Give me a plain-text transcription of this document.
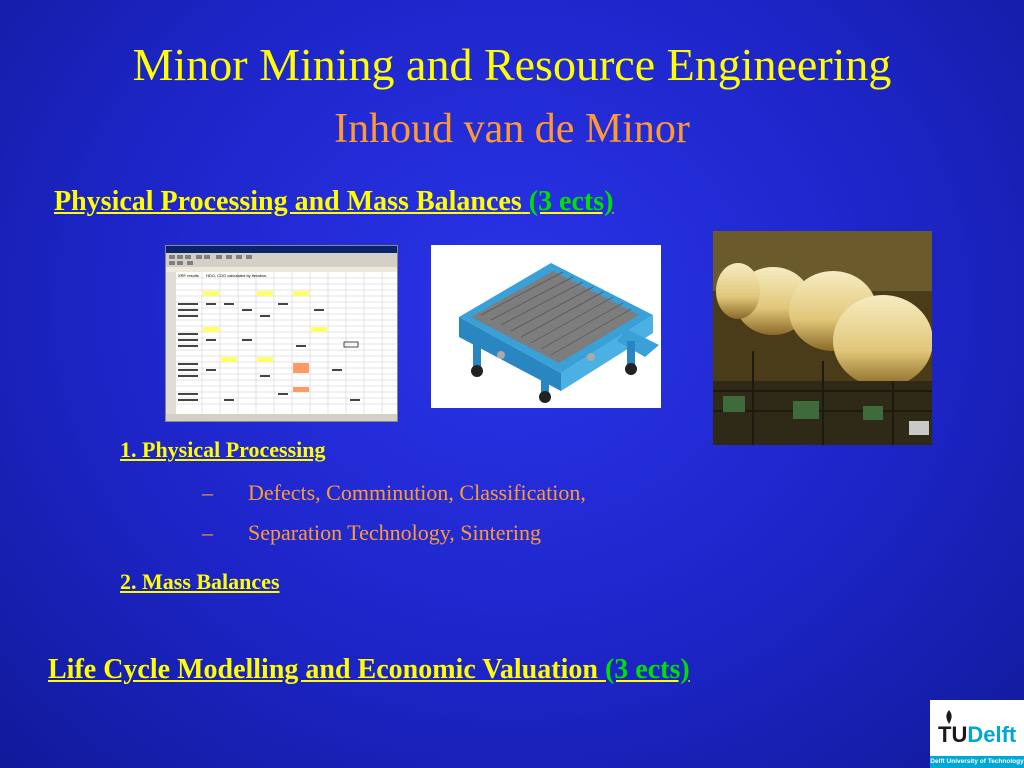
Minor Mining and Resource Engineering
Inhoud van de Minor
Physical Processing and Mass Balances (3 ects)
XRF results HDO, COO calculated by iteration.
1. Physical Processing
– Defects, Comminution, Classification,
– Separation Technology, Sintering
2. Mass Balances
Life Cycle Modelling and Economic Valuation (3 ects)
TUDelft
Delft University of Technology
